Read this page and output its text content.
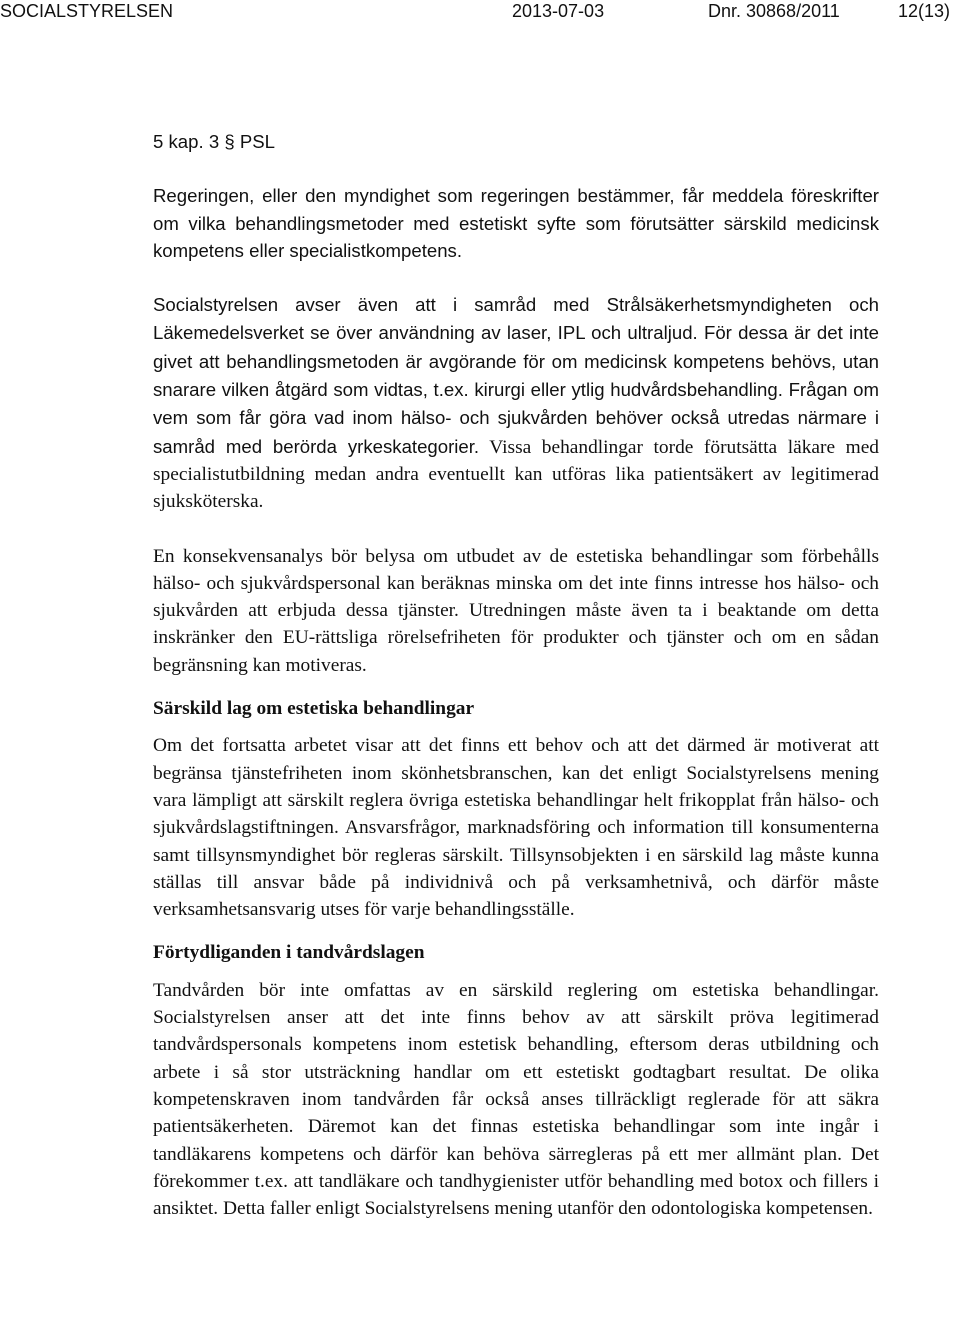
SOCIALSTYRELSEN	2013-07-03	Dnr. 30868/2011	12(13)

5 kap. 3 § PSL

Regeringen, eller den myndighet som regeringen bestämmer, får meddela föreskrifter om vilka behandlingsmetoder med estetiskt syfte som förutsätter särskild medicinsk kompetens eller specialistkompetens.

Socialstyrelsen avser även att i samråd med Strålsäkerhetsmyndigheten och Läkemedelsverket se över användning av laser, IPL och ultraljud. För dessa är det inte givet att behandlingsmetoden är avgörande för om medicinsk kompetens behövs, utan snarare vilken åtgärd som vidtas, t.ex. kirurgi eller ytlig hudvårdsbehandling. Frågan om vem som får göra vad inom hälso- och sjukvården behöver också utredas närmare i samråd med berörda yrkeskategorier. Vissa behandlingar torde förutsätta läkare med specialistutbildning medan andra eventuellt kan utföras lika patientsäkert av legitimerad sjuksköterska.

En konsekvensanalys bör belysa om utbudet av de estetiska behandlingar som förbehålls hälso- och sjukvårdspersonal kan beräknas minska om det inte finns intresse hos hälso- och sjukvården att erbjuda dessa tjänster. Utredningen måste även ta i beaktande om detta inskränker den EU-rättsliga rörelsefriheten för produkter och tjänster och om en sådan begränsning kan motiveras.

Särskild lag om estetiska behandlingar

Om det fortsatta arbetet visar att det finns ett behov och att det därmed är motiverat att begränsa tjänstefriheten inom skönhetsbranschen, kan det enligt Socialstyrelsens mening vara lämpligt att särskilt reglera övriga estetiska behandlingar helt frikopplat från hälso- och sjukvårdslagstiftningen. Ansvarsfrågor, marknadsföring och information till konsumenterna samt tillsynsmyndighet bör regleras särskilt. Tillsynsobjekten i en särskild lag måste kunna ställas till ansvar både på individnivå och på verksamhetnivå, och därför måste verksamhetsansvarig utses för varje behandlingsställe.

Förtydliganden i tandvårdslagen

Tandvården bör inte omfattas av en särskild reglering om estetiska behandlingar. Socialstyrelsen anser att det inte finns behov av att särskilt pröva legitimerad tandvårdspersonals kompetens inom estetisk behandling, eftersom deras utbildning och arbete i så stor utsträckning handlar om ett estetiskt godtagbart resultat. De olika kompetenskraven inom tandvården får också anses tillräckligt reglerade för att säkra patientsäkerheten. Däremot kan det finnas estetiska behandlingar som inte ingår i tandläkarens kompetens och därför kan behöva särregleras på ett mer allmänt plan. Det förekommer t.ex. att tandläkare och tandhygienister utför behandling med botox och fillers i ansiktet. Detta faller enligt Socialstyrelsens mening utanför den odontologiska kompetensen.
